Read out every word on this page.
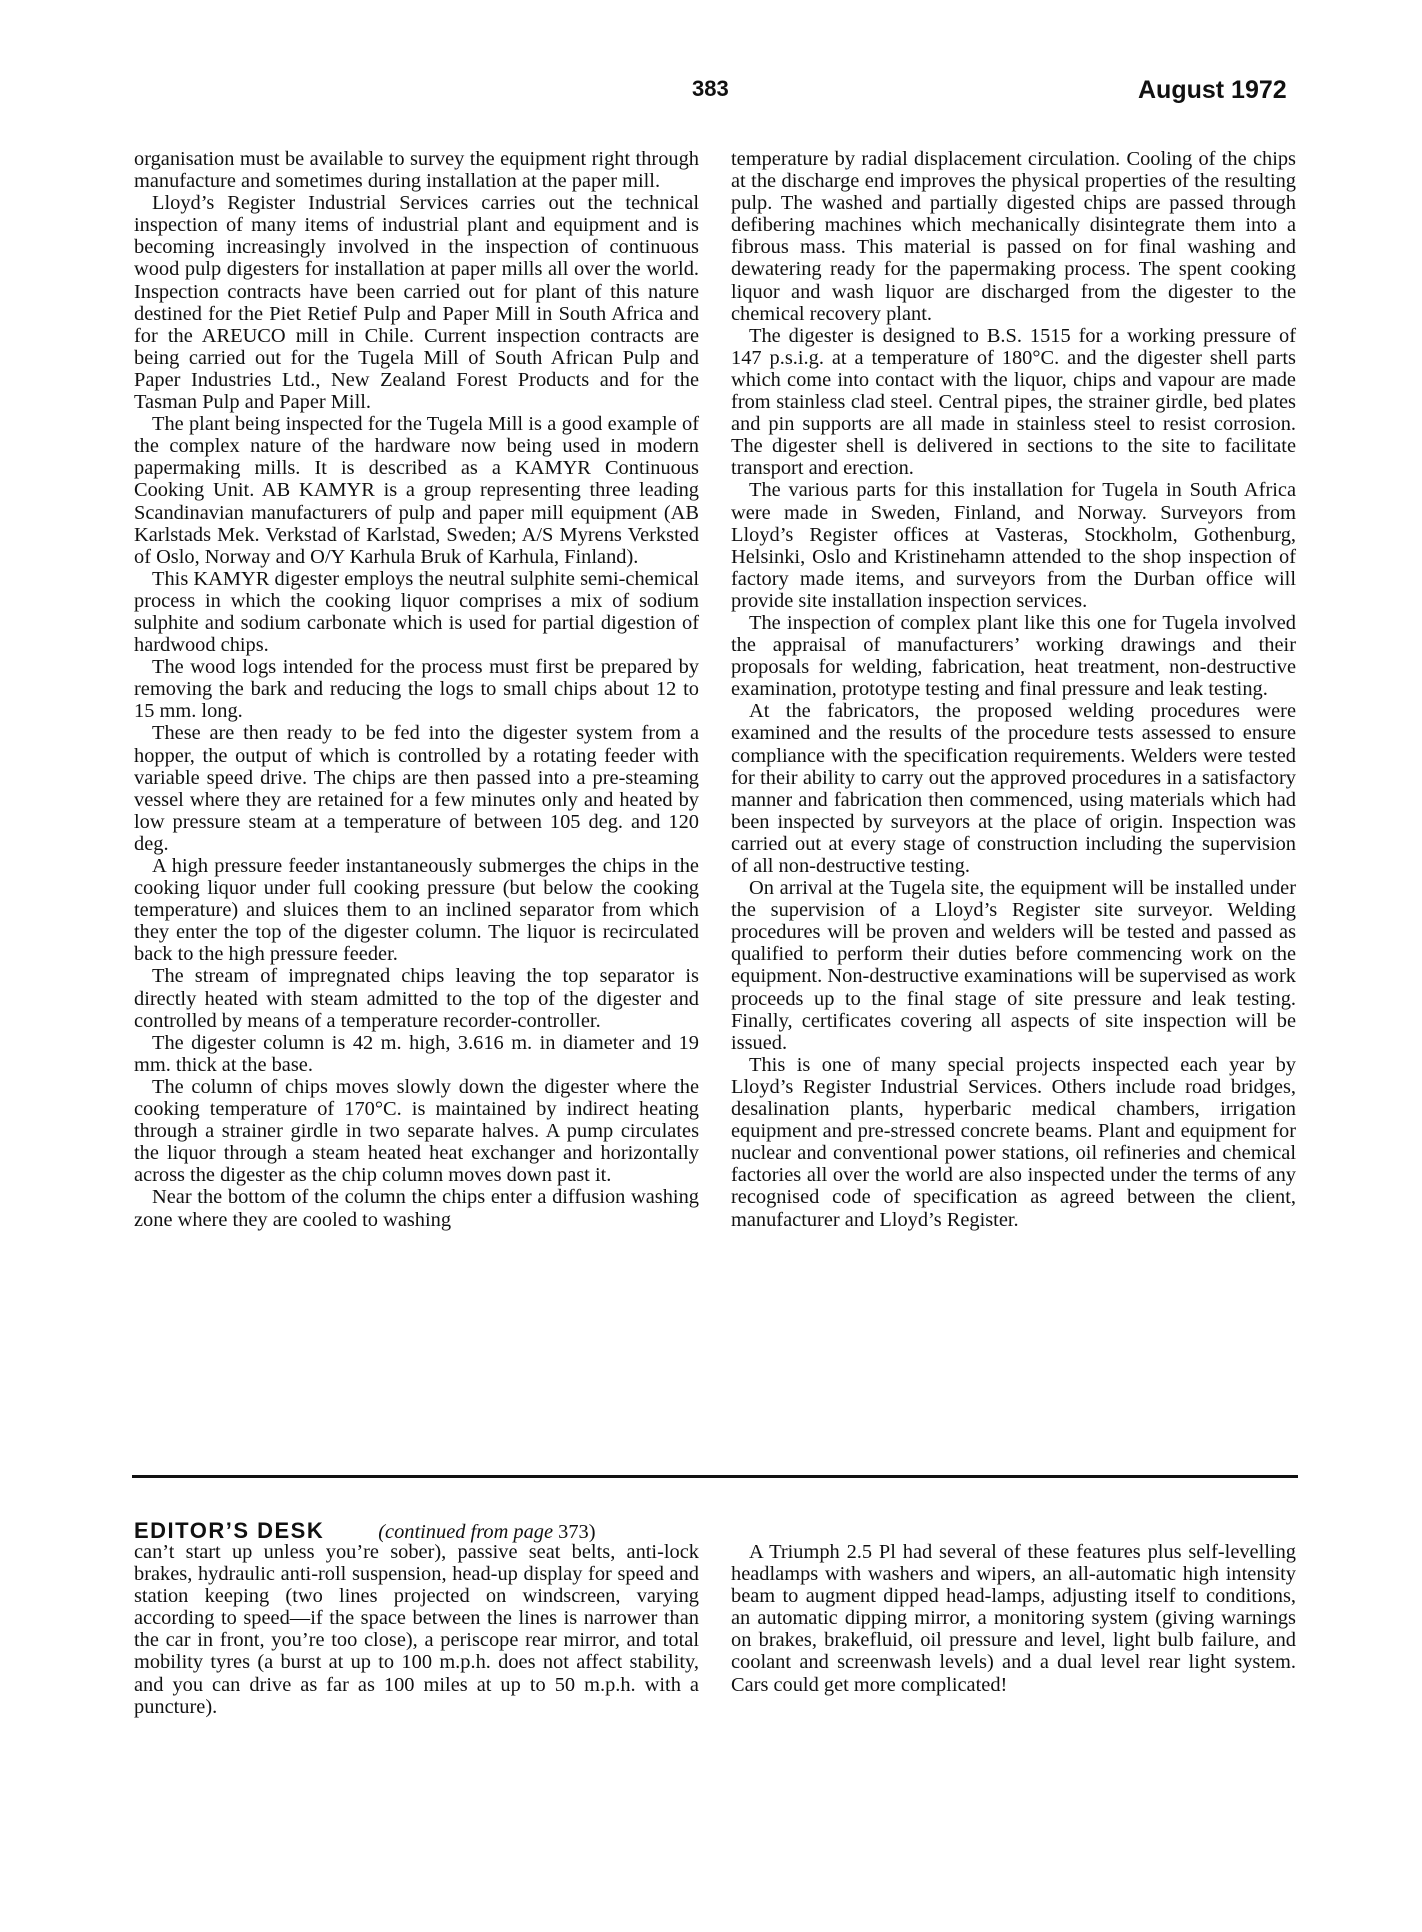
383	August 1972

organisation must be available to survey the equipment right through manufacture and sometimes during installation at the paper mill.

Lloyd’s Register Industrial Services carries out the technical inspection of many items of industrial plant and equipment and is becoming increasingly involved in the inspection of continuous wood pulp digesters for installation at paper mills all over the world. Inspection contracts have been carried out for plant of this nature destined for the Piet Retief Pulp and Paper Mill in South Africa and for the AREUCO mill in Chile. Current inspection contracts are being carried out for the Tugela Mill of South African Pulp and Paper Industries Ltd., New Zealand Forest Products and for the Tasman Pulp and Paper Mill.

The plant being inspected for the Tugela Mill is a good example of the complex nature of the hardware now being used in modern papermaking mills. It is described as a KAMYR Continuous Cooking Unit. AB KAMYR is a group representing three leading Scandinavian manufacturers of pulp and paper mill equipment (AB Karlstads Mek. Verkstad of Karlstad, Sweden; A/S Myrens Verksted of Oslo, Norway and O/Y Karhula Bruk of Karhula, Finland).

This KAMYR digester employs the neutral sulphite semi-chemical process in which the cooking liquor comprises a mix of sodium sulphite and sodium carbonate which is used for partial digestion of hardwood chips.

The wood logs intended for the process must first be prepared by removing the bark and reducing the logs to small chips about 12 to 15 mm. long.

These are then ready to be fed into the digester system from a hopper, the output of which is controlled by a rotating feeder with variable speed drive. The chips are then passed into a pre-steaming vessel where they are retained for a few minutes only and heated by low pressure steam at a temperature of between 105 deg. and 120 deg.

A high pressure feeder instantaneously submerges the chips in the cooking liquor under full cooking pressure (but below the cooking temperature) and sluices them to an inclined separator from which they enter the top of the digester column. The liquor is recirculated back to the high pressure feeder.

The stream of impregnated chips leaving the top separator is directly heated with steam admitted to the top of the digester and controlled by means of a temperature recorder-controller.

The digester column is 42 m. high, 3.616 m. in diameter and 19 mm. thick at the base.

The column of chips moves slowly down the digester where the cooking temperature of 170°C. is maintained by indirect heating through a strainer girdle in two separate halves. A pump circulates the liquor through a steam heated heat exchanger and horizontally across the digester as the chip column moves down past it.

Near the bottom of the column the chips enter a diffusion washing zone where they are cooled to washing

temperature by radial displacement circulation. Cooling of the chips at the discharge end improves the physical properties of the resulting pulp. The washed and partially digested chips are passed through defibering machines which mechanically disintegrate them into a fibrous mass. This material is passed on for final washing and dewatering ready for the papermaking process. The spent cooking liquor and wash liquor are discharged from the digester to the chemical recovery plant.

The digester is designed to B.S. 1515 for a working pressure of 147 p.s.i.g. at a temperature of 180°C. and the digester shell parts which come into contact with the liquor, chips and vapour are made from stainless clad steel. Central pipes, the strainer girdle, bed plates and pin supports are all made in stainless steel to resist corrosion. The digester shell is delivered in sections to the site to facilitate transport and erection.

The various parts for this installation for Tugela in South Africa were made in Sweden, Finland, and Norway. Surveyors from Lloyd’s Register offices at Vasteras, Stockholm, Gothenburg, Helsinki, Oslo and Kristinehamn attended to the shop inspection of factory made items, and surveyors from the Durban office will provide site installation inspection services.

The inspection of complex plant like this one for Tugela involved the appraisal of manufacturers’ working drawings and their proposals for welding, fabrication, heat treatment, non-destructive examination, prototype testing and final pressure and leak testing.

At the fabricators, the proposed welding procedures were examined and the results of the procedure tests assessed to ensure compliance with the specification requirements. Welders were tested for their ability to carry out the approved procedures in a satisfactory manner and fabrication then commenced, using materials which had been inspected by surveyors at the place of origin. Inspection was carried out at every stage of construction including the supervision of all non-destructive testing.

On arrival at the Tugela site, the equipment will be installed under the supervision of a Lloyd’s Register site surveyor. Welding procedures will be proven and welders will be tested and passed as qualified to perform their duties before commencing work on the equipment. Non-destructive examinations will be supervised as work proceeds up to the final stage of site pressure and leak testing. Finally, certificates covering all aspects of site inspection will be issued.

This is one of many special projects inspected each year by Lloyd’s Register Industrial Services. Others include road bridges, desalination plants, hyperbaric medical chambers, irrigation equipment and pre-stressed concrete beams. Plant and equipment for nuclear and conventional power stations, oil refineries and chemical factories all over the world are also inspected under the terms of any recognised code of specification as agreed between the client, manufacturer and Lloyd’s Register.

EDITOR’S DESK	(continued from page 373)

can’t start up unless you’re sober), passive seat belts, anti-lock brakes, hydraulic anti-roll suspension, head-up display for speed and station keeping (two lines projected on windscreen, varying according to speed—if the space between the lines is narrower than the car in front, you’re too close), a periscope rear mirror, and total mobility tyres (a burst at up to 100 m.p.h. does not affect stability, and you can drive as far as 100 miles at up to 50 m.p.h. with a puncture).

A Triumph 2.5 Pl had several of these features plus self-levelling headlamps with washers and wipers, an all-automatic high intensity beam to augment dipped head-lamps, adjusting itself to conditions, an automatic dipping mirror, a monitoring system (giving warnings on brakes, brakefluid, oil pressure and level, light bulb failure, and coolant and screenwash levels) and a dual level rear light system. Cars could get more complicated!
